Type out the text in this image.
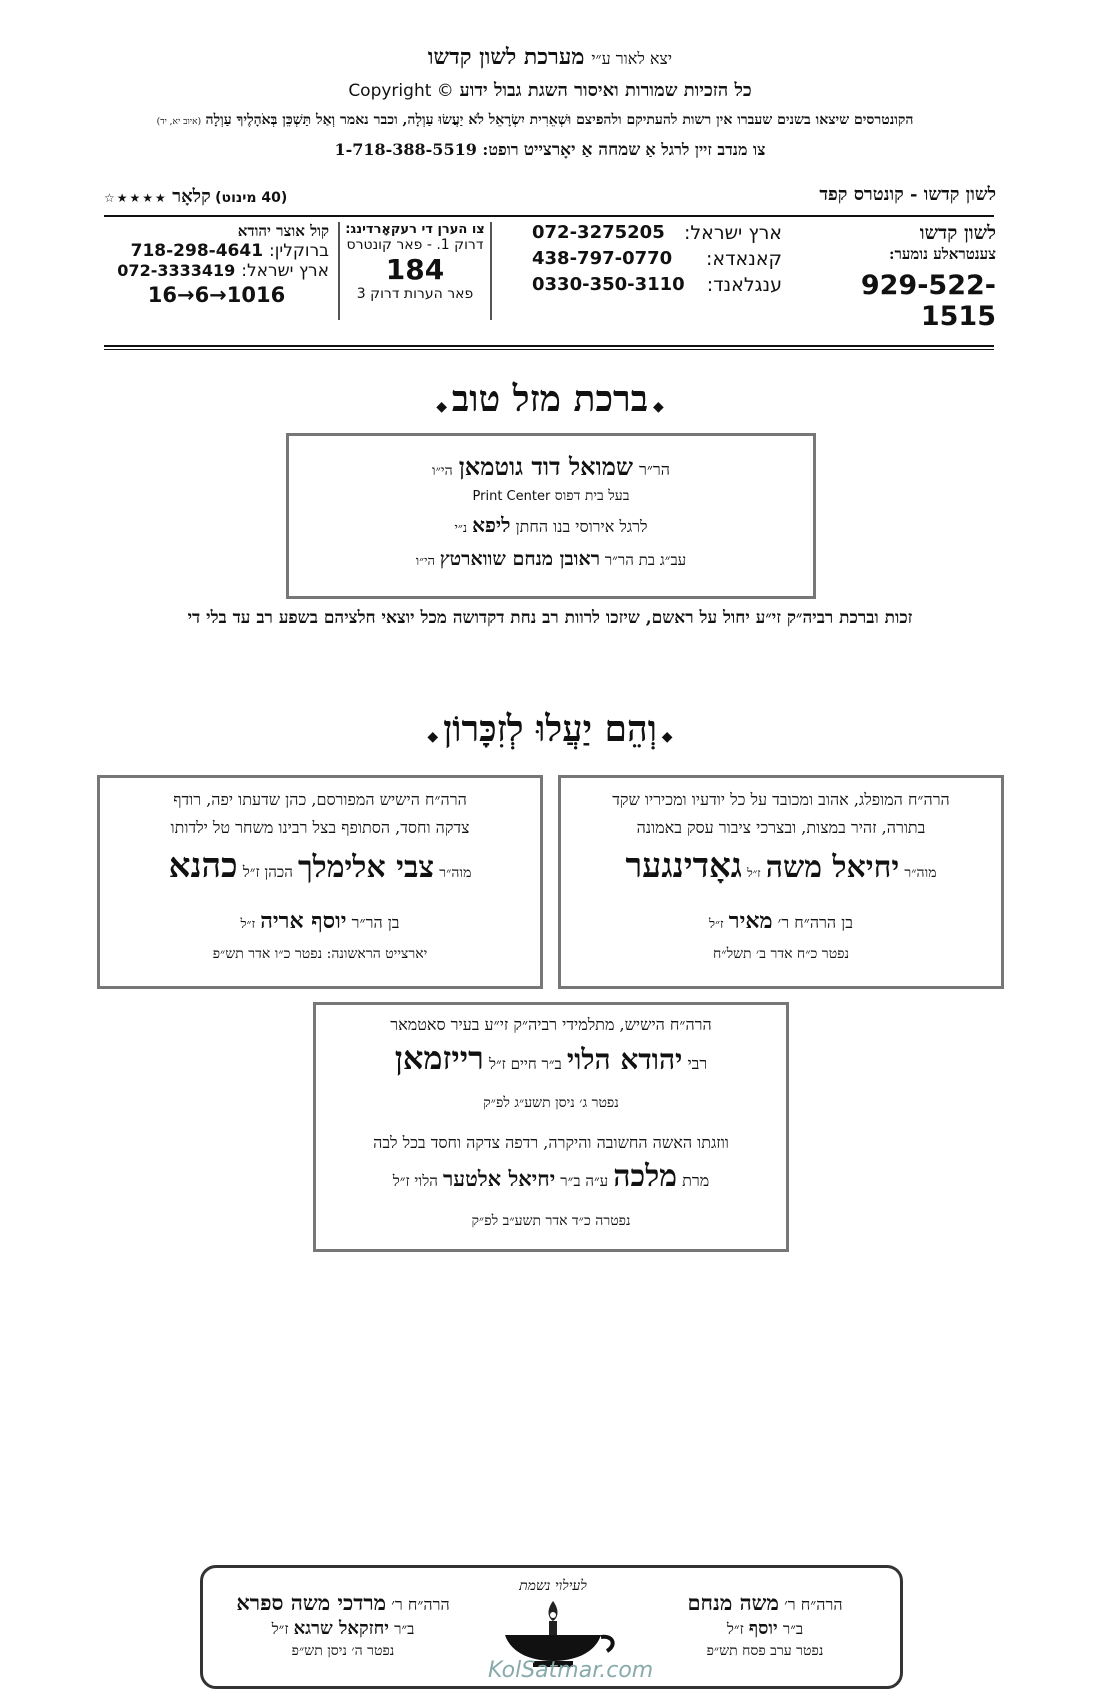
יצא לאור ע״י מערכת לשון קדשו
כל הזכיות שמורות ואיסור השגת גבול ידוע Copyright ©
הקונטרסים שיצאו בשנים שעברו אין רשות להעתיקם ולהפיצם וּשְׁאֵרִית יִשְׂרָאֵל לֹא יַעֲשׂוּ עַוְלָה, וכבר נאמר וְאַל תַּשְׁכֵּן בְּאֹהָלֶיךָ עַוְלָה (איוב יא, יד)
צו מנדב זיין לרגל אַ שמחה אַ יאָרצייט רופט: 1-718-388-5519
לשון קדשו - קונטרס קפד
(40 מינוט) קלאָר ★★★★☆
לשון קדשו
צענטראלע נומער:
929-522-1515
ארץ ישראל:
072-3275205
קאנאדא:
438-797-0770
ענגלאנד:
0330-350-3110
צו הערן די רעקאָרדינג:
דרוק 1. - פאר קונטרס
184
פאר הערות דרוק 3
קול אוצר יהודא
ברוקלין:
718-298-4641
ארץ ישראל:
072-3333419
16→6→1016
◆ ברכת מזל טוב ◆
הר״ר שמואל דוד גוטמאן הי״ו
בעל בית דפוס Print Center
לרגל אירוסי בנו החתן ליפא נ״י
עב״ג בת הר״ר ראובן מנחם שווארטץ הי״ו
זכות וברכת רביה״ק זי״ע יחול על ראשם, שיזכו לרוות רב נחת דקדושה מכל יוצאי חלציהם בשפע רב עד בלי די
◆ וְהֵם יַעֲלוּ לְזִכָּרוֹן ◆
הרה״ח המופלג, אהוב ומכובד על כל יודעיו ומכיריו שקד
בתורה, זהיר במצות, ובצרכי ציבור עסק באמונה
מוה״ר יחיאל משה ז״ל גאָדינגער
בן הרה״ח ר׳ מאיר ז״ל
נפטר כ״ח אדר ב׳ תשל״ח
הרה״ח הישיש המפורסם, כהן שדעתו יפה, רודף
צדקה וחסד, הסתופף בצל רבינו משחר טל ילדותו
מוה״ר צבי אלימלך הכהן ז״ל כהנא
בן הר״ר יוסף אריה ז״ל
יארצייט הראשונה: נפטר כ״ו אדר תש״פ
הרה״ח הישיש, מתלמידי רביה״ק זי״ע בעיר סאטמאר
רבי יהודא הלוי ב״ר חיים ז״ל רייזמאן
נפטר ג׳ ניסן תשע״ג לפ״ק
ווזגתו האשה החשובה והיקרה, רדפה צדקה וחסד בכל לבה
מרת מלכה ע״ה ב״ר יחיאל אלטער הלוי ז״ל
נפטרה כ״ד אדר תשע״ב לפ״ק
הרה״ח ר׳ משה מנחם
ב״ר יוסף ז״ל
נפטר ערב פסח תש״פ
לעילוי נשמת
הרה״ח ר׳ מרדכי משה ספרא
ב״ר יחזקאל שרגא ז״ל
נפטר ה׳ ניסן תש״פ
KolSatmar.com
